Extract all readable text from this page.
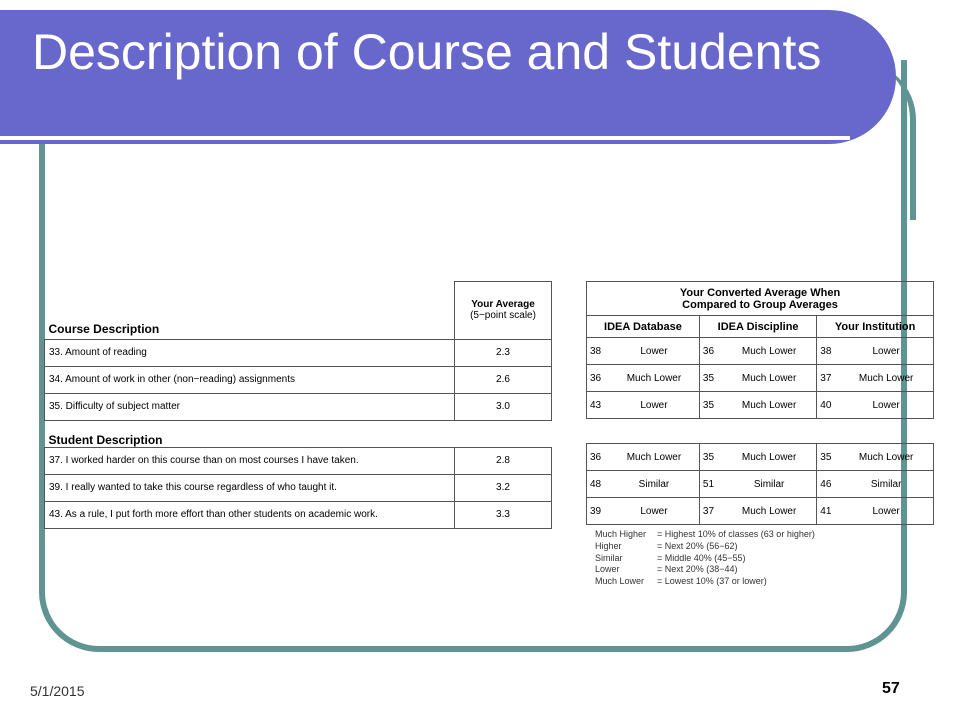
Description of Course and Students
Course Description	Your Average
(5−point scale)

33. Amount of reading	2.3
34. Amount of work in other (non−reading) assignments	2.6
35. Difficulty of subject matter	3.0
Student Description	
37. I worked harder on this course than on most courses I have taken.	2.8
39. I really wanted to take this course regardless of who taught it.	3.2
43. As a rule, I put forth more effort than other students on academic work.	3.3
Your Converted Average When
Compared to Group Averages					

IDEA Database		IDEA Discipline		Your Institution	
38	Lower	36	Much Lower	38	Lower
36	Much Lower	35	Much Lower	37	Much Lower
43	Lower	35	Much Lower	40	Lower

36	Much Lower	35	Much Lower	35	Much Lower
48	Similar	51	Similar	46	Similar
39	Lower	37	Much Lower	41	Lower
Much Higher	= Highest 10% of classes (63 or higher)
Higher	= Next 20% (56−62)
Similar	= Middle 40% (45−55)
Lower	= Next 20% (38−44)
Much Lower	= Lowest 10% (37 or lower)
5/1/2015	57
